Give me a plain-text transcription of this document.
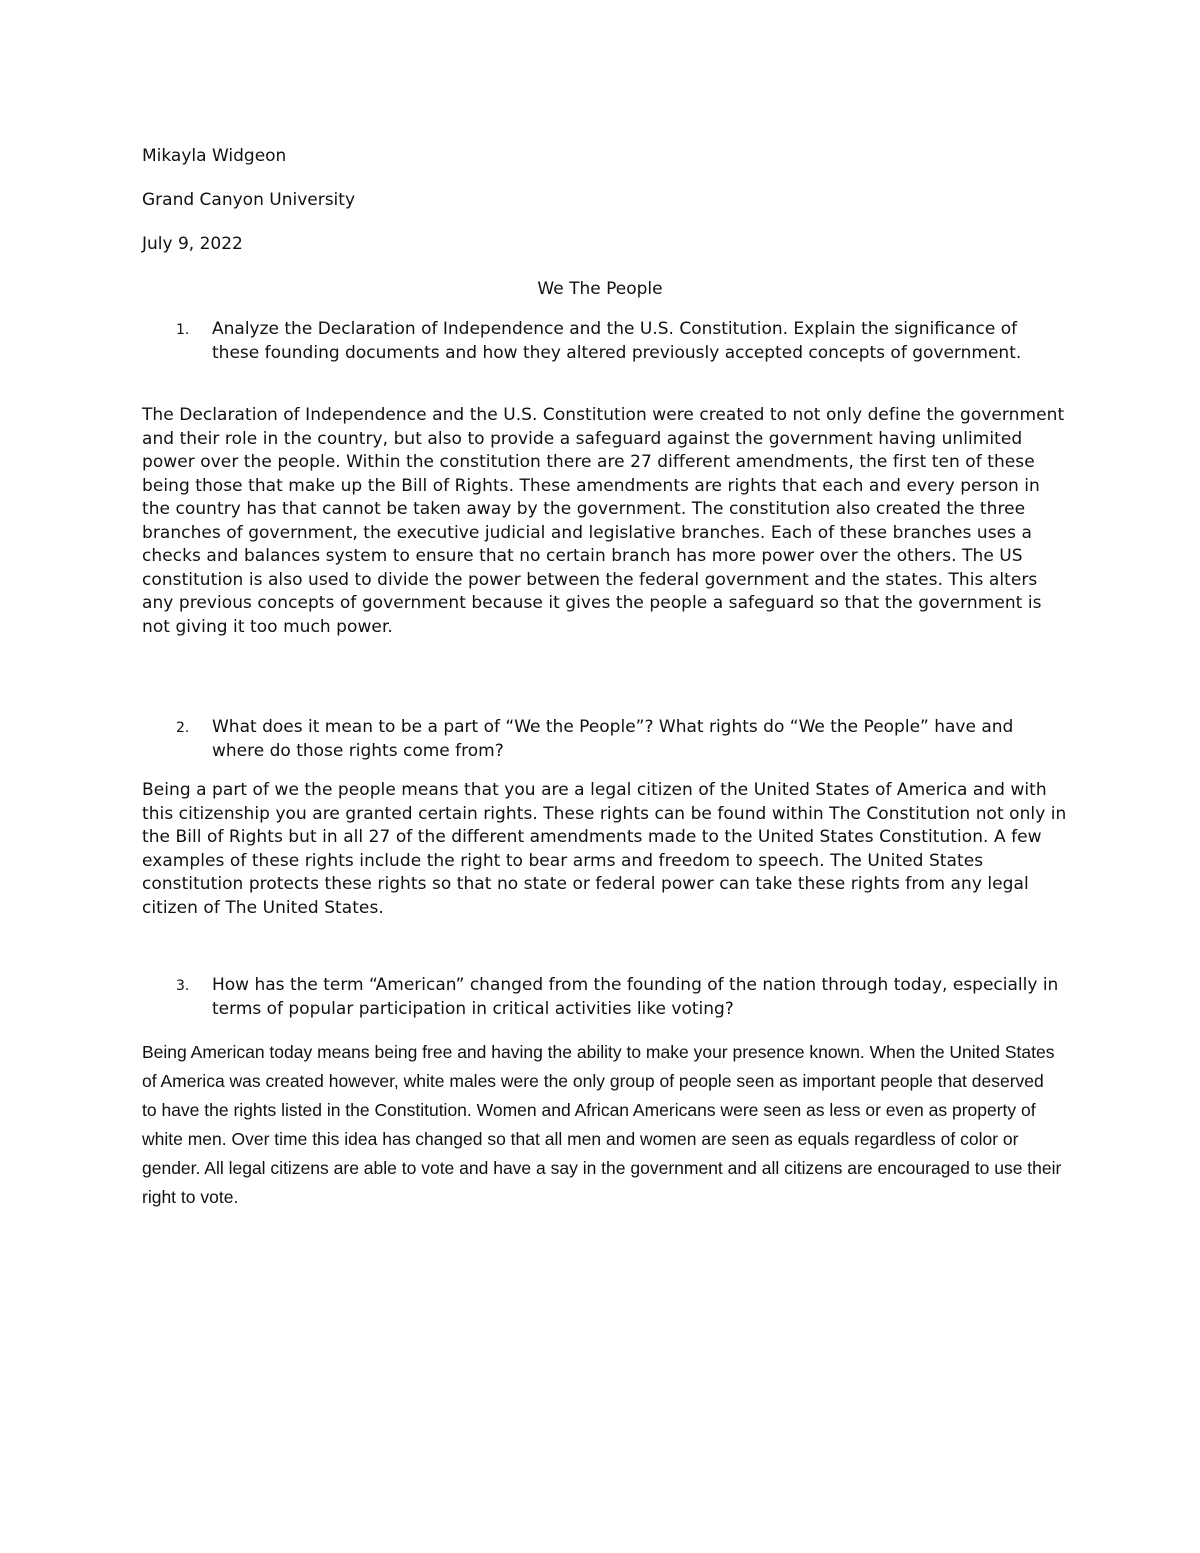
Mikayla Widgeon

Grand Canyon University

July 9, 2022

We The People

1. Analyze the Declaration of Independence and the U.S. Constitution. Explain the significance of these founding documents and how they altered previously accepted concepts of government.

The Declaration of Independence and the U.S. Constitution were created to not only define the government and their role in the country, but also to provide a safeguard against the government having unlimited power over the people. Within the constitution there are 27 different amendments, the first ten of these being those that make up the Bill of Rights. These amendments are rights that each and every person in the country has that cannot be taken away by the government. The constitution also created the three branches of government, the executive judicial and legislative branches. Each of these branches uses a checks and balances system to ensure that no certain branch has more power over the others. The US constitution is also used to divide the power between the federal government and the states. This alters any previous concepts of government because it gives the people a safeguard so that the government is not giving it too much power.

2. What does it mean to be a part of “We the People”? What rights do “We the People” have and where do those rights come from?

Being a part of we the people means that you are a legal citizen of the United States of America and with this citizenship you are granted certain rights. These rights can be found within The Constitution not only in the Bill of Rights but in all 27 of the different amendments made to the United States Constitution. A few examples of these rights include the right to bear arms and freedom to speech. The United States constitution protects these rights so that no state or federal power can take these rights from any legal citizen of The United States.

3. How has the term “American” changed from the founding of the nation through today, especially in terms of popular participation in critical activities like voting?

Being American today means being free and having the ability to make your presence known. When the United States of America was created however, white males were the only group of people seen as important people that deserved to have the rights listed in the Constitution. Women and African Americans were seen as less or even as property of white men. Over time this idea has changed so that all men and women are seen as equals regardless of color or gender. All legal citizens are able to vote and have a say in the government and all citizens are encouraged to use their right to vote.
